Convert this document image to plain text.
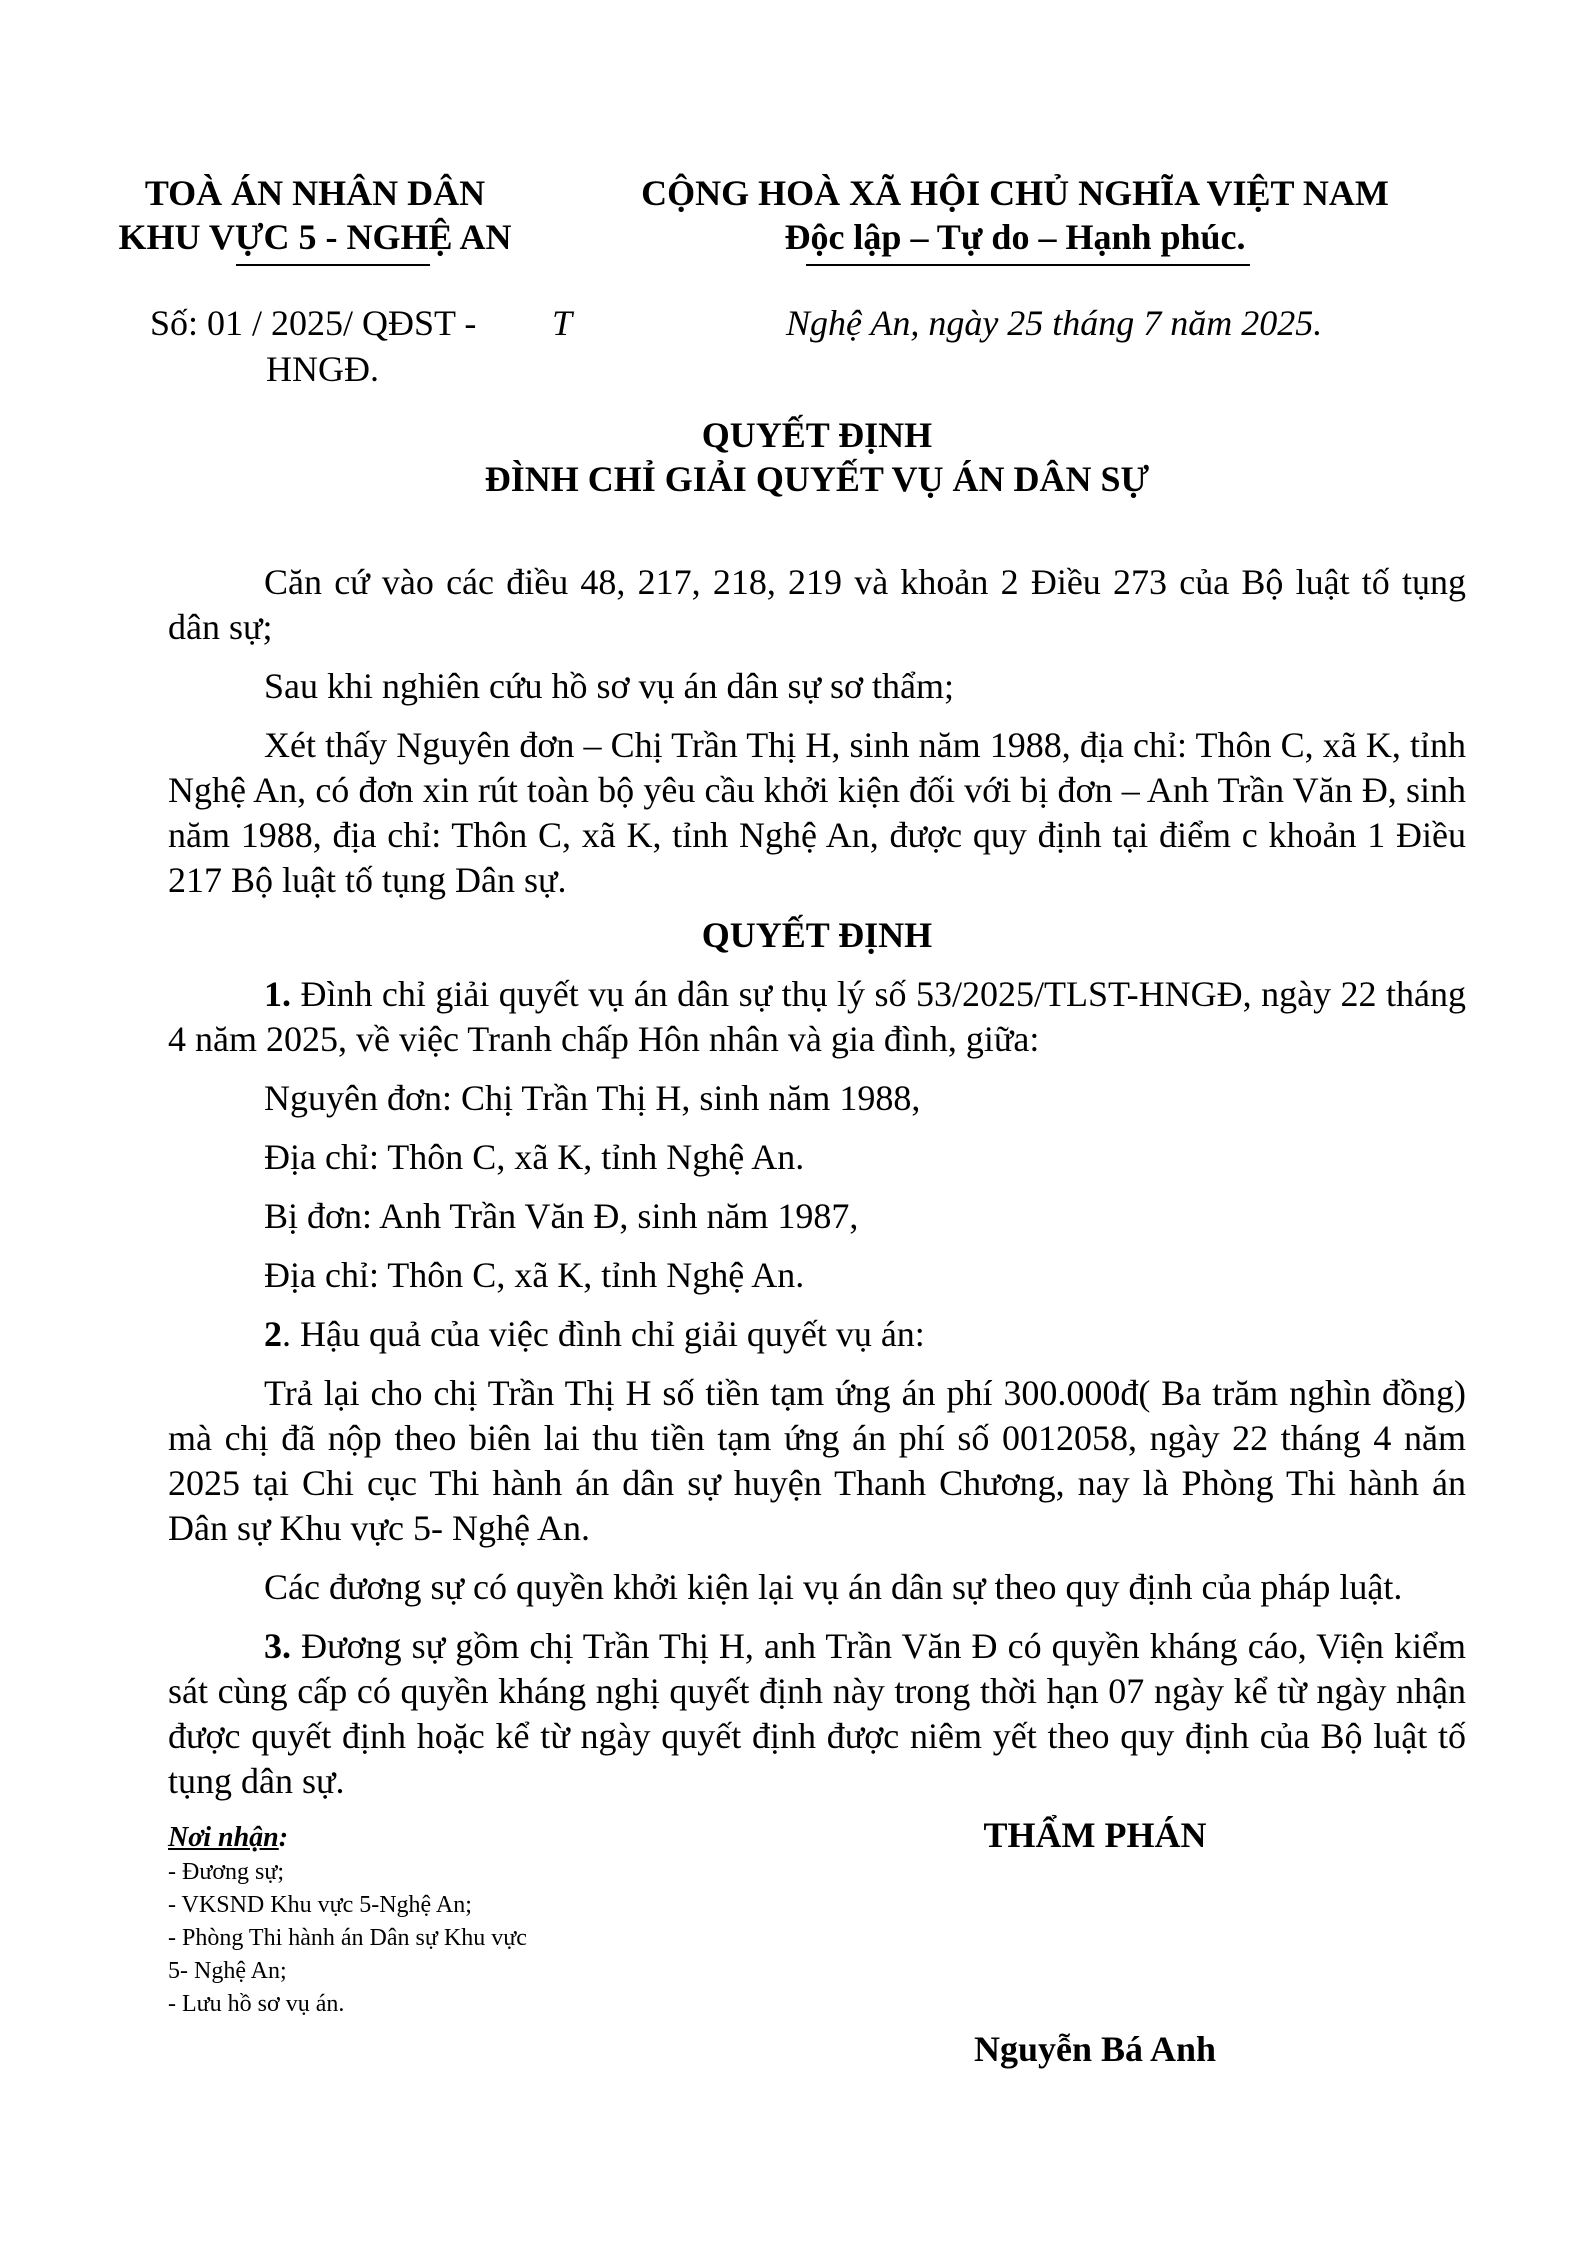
TOÀ ÁN NHÂN DÂN
KHU VỰC 5 - NGHỆ AN
CỘNG HOÀ XÃ HỘI CHỦ NGHĨA VIỆT NAM
Độc lập – Tự do – Hạnh phúc.
Số: 01 / 2025/ QĐST - T
HNGĐ.
Nghệ An, ngày 25 tháng 7 năm 2025.
QUYẾT ĐỊNH
ĐÌNH CHỈ GIẢI QUYẾT VỤ ÁN DÂN SỰ

Căn cứ vào các điều 48, 217, 218, 219 và khoản 2 Điều 273 của Bộ luật tố tụng dân sự;

Sau khi nghiên cứu hồ sơ vụ án dân sự sơ thẩm;

Xét thấy Nguyên đơn – Chị Trần Thị H, sinh năm 1988, địa chỉ: Thôn C, xã K, tỉnh Nghệ An, có đơn xin rút toàn bộ yêu cầu khởi kiện đối với bị đơn – Anh Trần Văn Đ, sinh năm 1988, địa chỉ: Thôn C, xã K, tỉnh Nghệ An, được quy định tại điểm c khoản 1 Điều 217 Bộ luật tố tụng Dân sự.

QUYẾT ĐỊNH

1. Đình chỉ giải quyết vụ án dân sự thụ lý số 53/2025/TLST-HNGĐ, ngày 22 tháng 4 năm 2025, về việc Tranh chấp Hôn nhân và gia đình, giữa:

Nguyên đơn: Chị Trần Thị H, sinh năm 1988,

Địa chỉ: Thôn C, xã K, tỉnh Nghệ An.

Bị đơn: Anh Trần Văn Đ, sinh năm 1987,

Địa chỉ: Thôn C, xã K, tỉnh Nghệ An.

2. Hậu quả của việc đình chỉ giải quyết vụ án:

Trả lại cho chị Trần Thị H số tiền tạm ứng án phí 300.000đ( Ba trăm nghìn đồng) mà chị đã nộp theo biên lai thu tiền tạm ứng án phí số 0012058, ngày 22 tháng 4 năm 2025 tại Chi cục Thi hành án dân sự huyện Thanh Chương, nay là Phòng Thi hành án Dân sự Khu vực 5- Nghệ An.

Các đương sự có quyền khởi kiện lại vụ án dân sự theo quy định của pháp luật.

3. Đương sự gồm chị Trần Thị H, anh Trần Văn Đ có quyền kháng cáo, Viện kiểm sát cùng cấp có quyền kháng nghị quyết định này trong thời hạn 07 ngày kể từ ngày nhận được quyết định hoặc kể từ ngày quyết định được niêm yết theo quy định của Bộ luật tố tụng dân sự.

Nơi nhận:
- Đương sự;
- VKSND Khu vực 5-Nghệ An;
- Phòng Thi hành án Dân sự Khu vực
5- Nghệ An;
- Lưu hồ sơ vụ án.
THẨM PHÁN
Nguyễn Bá Anh
